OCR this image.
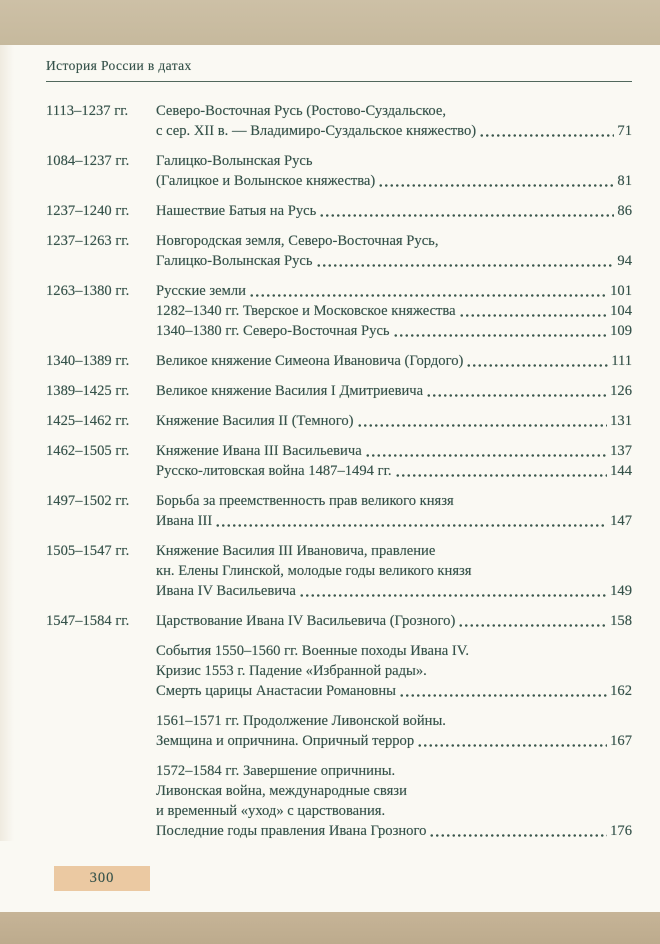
История России в датах
1113–1237 гг.	Северо-Восточная Русь (Ростово-Суздальское,
с сер. XII в. — Владимиро-Суздальское княжество)	71
1084–1237 гг.	Галицко-Волынская Русь
(Галицкое и Волынское княжества)	81
1237–1240 гг.	Нашествие Батыя на Русь	86
1237–1263 гг.	Новгородская земля, Северо-Восточная Русь,
Галицко-Волынская Русь	94
1263–1380 гг.	Русские земли	101
1282–1340 гг. Тверское и Московское княжества	104
1340–1380 гг. Северо-Восточная Русь	109
1340–1389 гг.	Великое княжение Симеона Ивановича (Гордого)	111
1389–1425 гг.	Великое княжение Василия I Дмитриевича	126
1425–1462 гг.	Княжение Василия II (Темного)	131
1462–1505 гг.	Княжение Ивана III Васильевича	137
Русско-литовская война 1487–1494 гг.	144
1497–1502 гг.	Борьба за преемственность прав великого князя
Ивана III	147
1505–1547 гг.	Княжение Василия III Ивановича, правление
кн. Елены Глинской, молодые годы великого князя
Ивана IV Васильевича	149
1547–1584 гг.	Царствование Ивана IV Васильевича (Грозного)	158
События 1550–1560 гг. Военные походы Ивана IV.
Кризис 1553 г. Падение «Избранной рады».
Смерть царицы Анастасии Романовны	162
1561–1571 гг. Продолжение Ливонской войны.
Земщина и опричнина. Опричный террор	167
1572–1584 гг. Завершение опричнины.
Ливонская война, международные связи
и временный «уход» с царствования.
Последние годы правления Ивана Грозного	176
300
